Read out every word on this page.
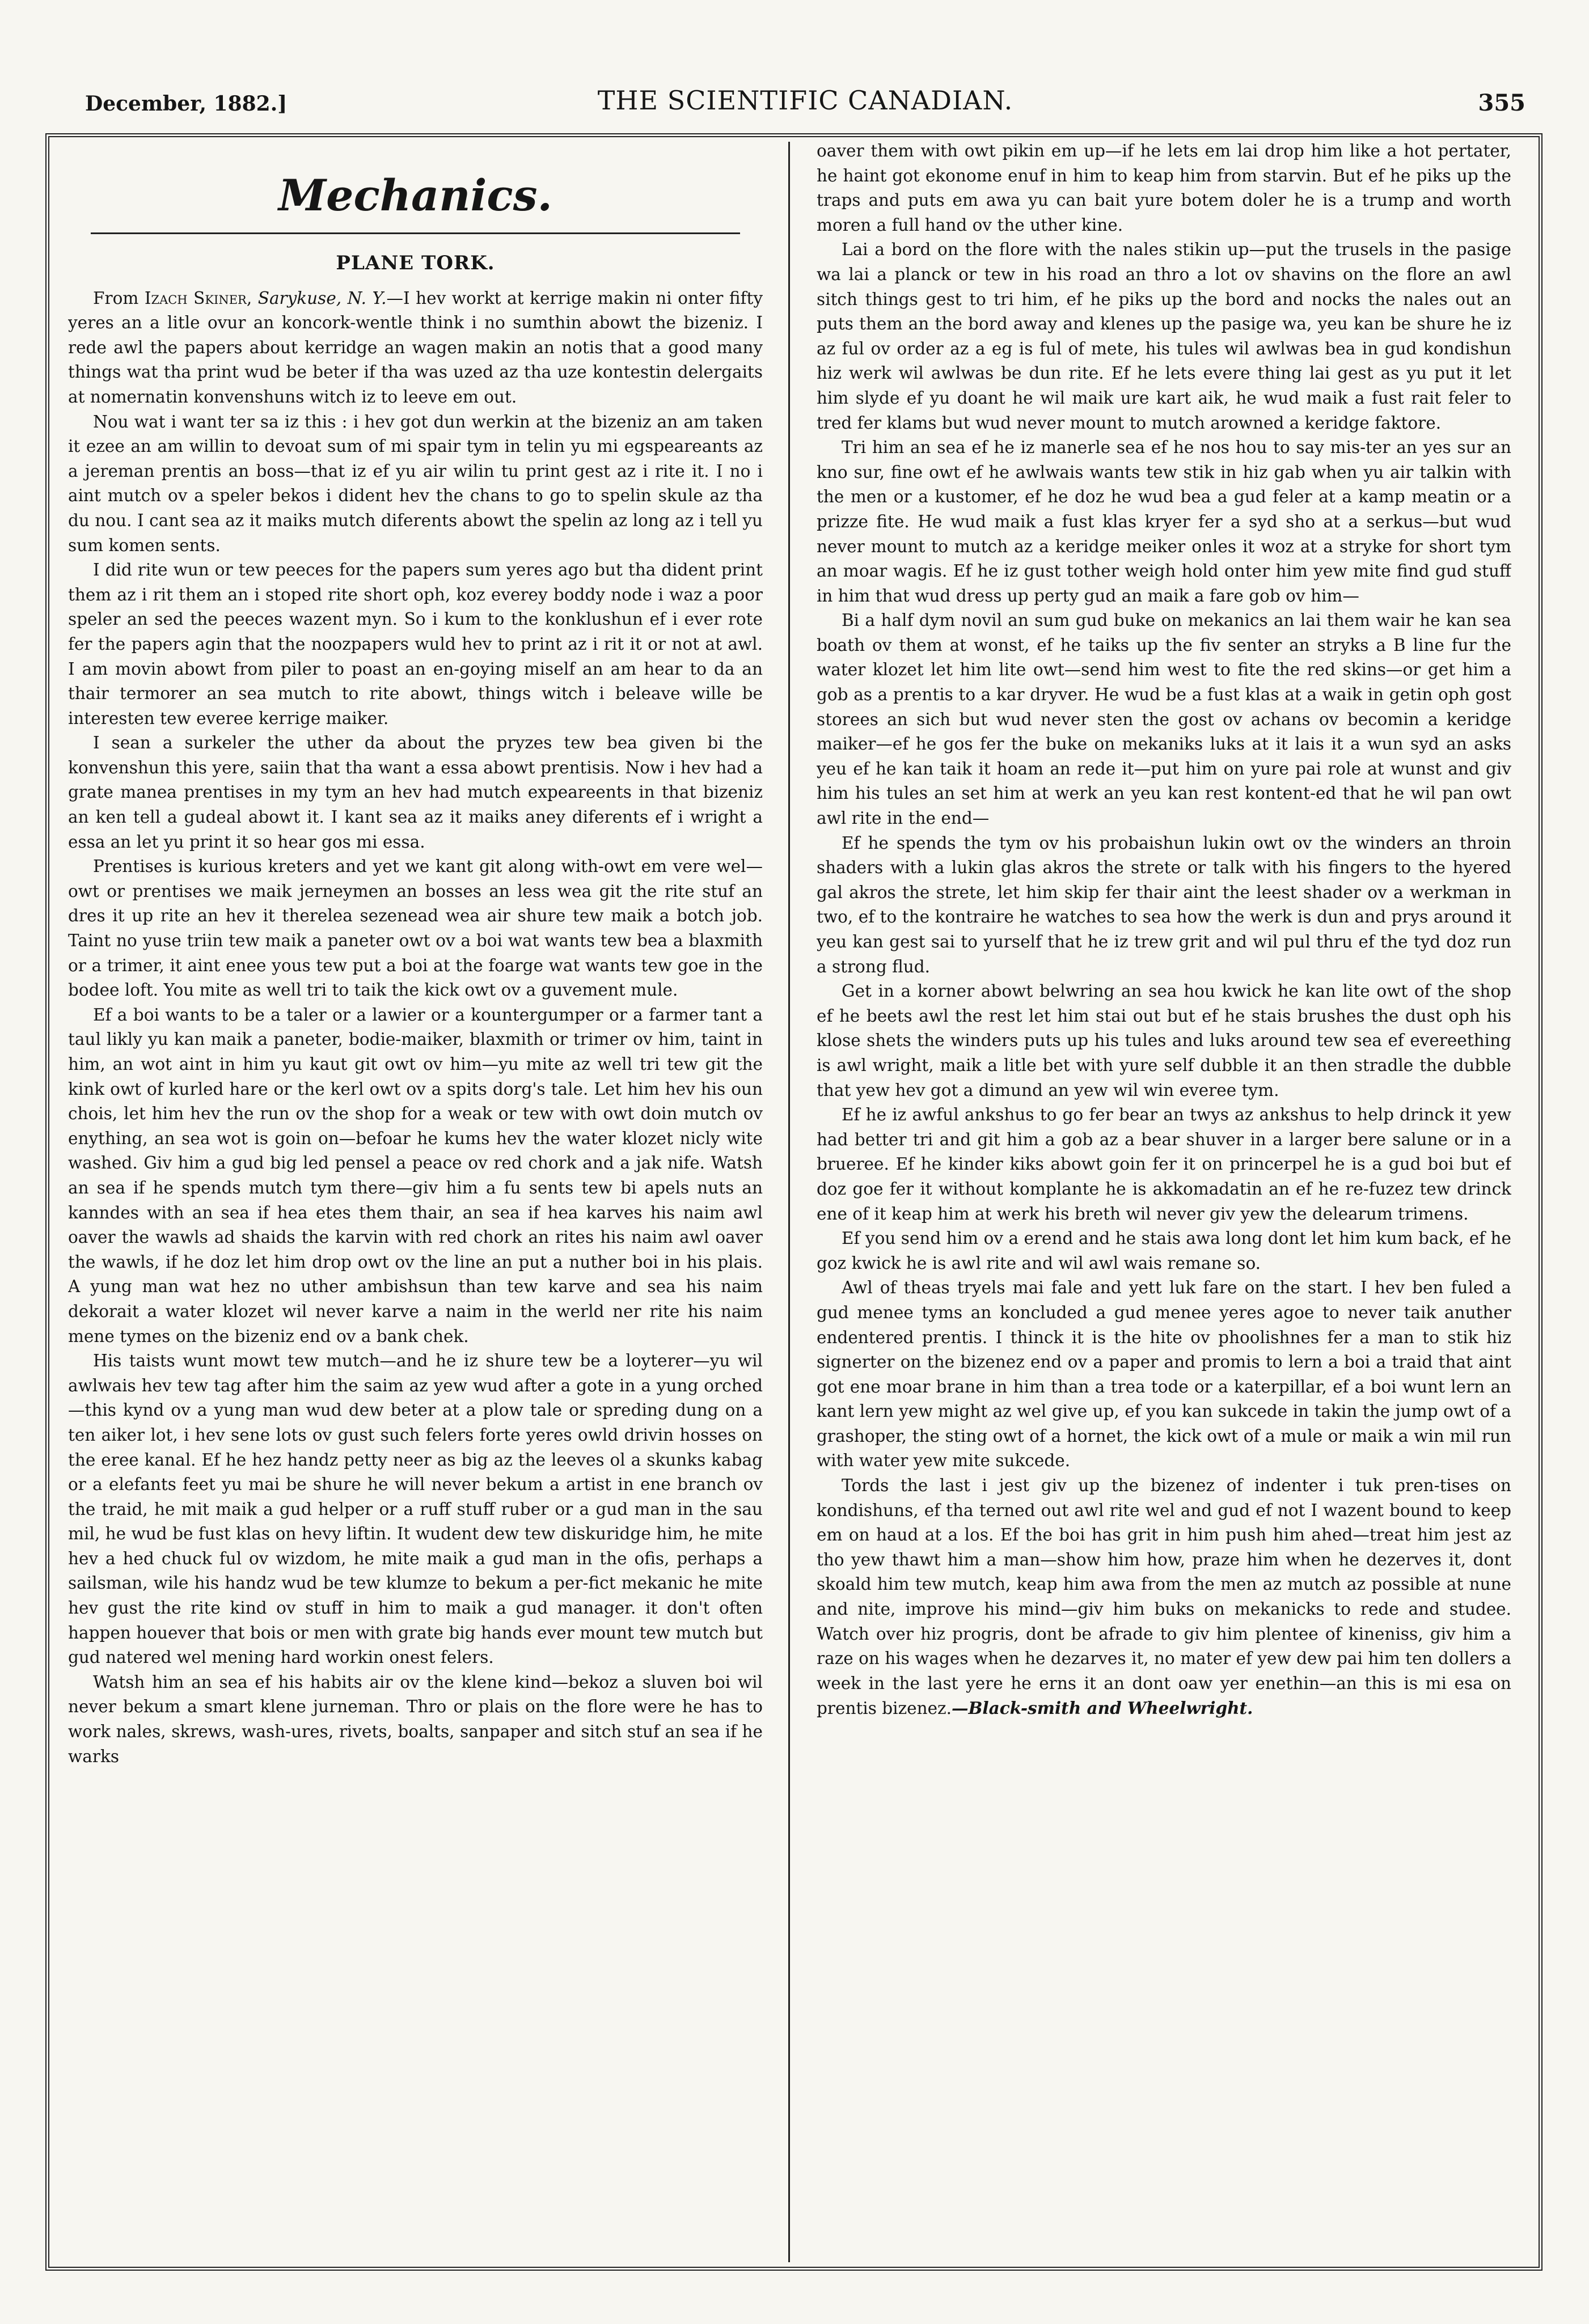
December, 1882.]	THE SCIENTIFIC CANADIAN.	355
Mechanics.
PLANE TORK.

From Izach Skiner, Sarykuse, N. Y.—I hev workt at kerrige makin ni onter fifty yeres an a litle ovur an koncork-wentle think i no sumthin abowt the bizeniz. I rede awl the papers about kerridge an wagen makin an notis that a good many things wat tha print wud be beter if tha was uzed az tha uze kontestin delergaits at nomernatin konvenshuns witch iz to leeve em out.

Nou wat i want ter sa iz this : i hev got dun werkin at the bizeniz an am taken it ezee an am willin to devoat sum of mi spair tym in telin yu mi egspeareants az a jereman prentis an boss—that iz ef yu air wilin tu print gest az i rite it. I no i aint mutch ov a speler bekos i dident hev the chans to go to spelin skule az tha du nou. I cant sea az it maiks mutch diferents abowt the spelin az long az i tell yu sum komen sents.

I did rite wun or tew peeces for the papers sum yeres ago but tha dident print them az i rit them an i stoped rite short oph, koz everey boddy node i waz a poor speler an sed the peeces wazent myn. So i kum to the konklushun ef i ever rote fer the papers agin that the noozpapers wuld hev to print az i rit it or not at awl. I am movin abowt from piler to poast an en-goying miself an am hear to da an thair termorer an sea mutch to rite abowt, things witch i beleave wille be interesten tew everee kerrige maiker.

I sean a surkeler the uther da about the pryzes tew bea given bi the konvenshun this yere, saiin that tha want a essa abowt prentisis. Now i hev had a grate manea prentises in my tym an hev had mutch expeareents in that bizeniz an ken tell a gudeal abowt it. I kant sea az it maiks aney diferents ef i wright a essa an let yu print it so hear gos mi essa.

Prentises is kurious kreters and yet we kant git along with-owt em vere wel—owt or prentises we maik jerneymen an bosses an less wea git the rite stuf an dres it up rite an hev it therelea sezenead wea air shure tew maik a botch job. Taint no yuse triin tew maik a paneter owt ov a boi wat wants tew bea a blaxmith or a trimer, it aint enee yous tew put a boi at the foarge wat wants tew goe in the bodee loft. You mite as well tri to taik the kick owt ov a guvement mule.

Ef a boi wants to be a taler or a lawier or a kountergumper or a farmer tant a taul likly yu kan maik a paneter, bodie-maiker, blaxmith or trimer ov him, taint in him, an wot aint in him yu kaut git owt ov him—yu mite az well tri tew git the kink owt of kurled hare or the kerl owt ov a spits dorg's tale. Let him hev his oun chois, let him hev the run ov the shop for a weak or tew with owt doin mutch ov enything, an sea wot is goin on—befoar he kums hev the water klozet nicly wite washed. Giv him a gud big led pensel a peace ov red chork and a jak nife. Watsh an sea if he spends mutch tym there—giv him a fu sents tew bi apels nuts an kanndes with an sea if hea etes them thair, an sea if hea karves his naim awl oaver the wawls ad shaids the karvin with red chork an rites his naim awl oaver the wawls, if he doz let him drop owt ov the line an put a nuther boi in his plais. A yung man wat hez no uther ambishsun than tew karve and sea his naim dekorait a water klozet wil never karve a naim in the werld ner rite his naim mene tymes on the bizeniz end ov a bank chek.

His taists wunt mowt tew mutch—and he iz shure tew be a loyterer—yu wil awlwais hev tew tag after him the saim az yew wud after a gote in a yung orched—this kynd ov a yung man wud dew beter at a plow tale or spreding dung on a ten aiker lot, i hev sene lots ov gust such felers forte yeres owld drivin hosses on the eree kanal. Ef he hez handz petty neer as big az the leeves ol a skunks kabag or a elefants feet yu mai be shure he will never bekum a artist in ene branch ov the traid, he mit maik a gud helper or a ruff stuff ruber or a gud man in the sau mil, he wud be fust klas on hevy liftin. It wudent dew tew diskuridge him, he mite hev a hed chuck ful ov wizdom, he mite maik a gud man in the ofis, perhaps a sailsman, wile his handz wud be tew klumze to bekum a per-fict mekanic he mite hev gust the rite kind ov stuff in him to maik a gud manager. it don't often happen houever that bois or men with grate big hands ever mount tew mutch but gud natered wel mening hard workin onest felers.

Watsh him an sea ef his habits air ov the klene kind—bekoz a sluven boi wil never bekum a smart klene jurneman. Thro or plais on the flore were he has to work nales, skrews, wash-ures, rivets, boalts, sanpaper and sitch stuf an sea if he warks

oaver them with owt pikin em up—if he lets em lai drop him like a hot pertater, he haint got ekonome enuf in him to keap him from starvin. But ef he piks up the traps and puts em awa yu can bait yure botem doler he is a trump and worth moren a full hand ov the uther kine.

Lai a bord on the flore with the nales stikin up—put the trusels in the pasige wa lai a planck or tew in his road an thro a lot ov shavins on the flore an awl sitch things gest to tri him, ef he piks up the bord and nocks the nales out an puts them an the bord away and klenes up the pasige wa, yeu kan be shure he iz az ful ov order az a eg is ful of mete, his tules wil awlwas bea in gud kondishun hiz werk wil awlwas be dun rite. Ef he lets evere thing lai gest as yu put it let him slyde ef yu doant he wil maik ure kart aik, he wud maik a fust rait feler to tred fer klams but wud never mount to mutch arowned a keridge faktore.

Tri him an sea ef he iz manerle sea ef he nos hou to say mis-ter an yes sur an kno sur, fine owt ef he awlwais wants tew stik in hiz gab when yu air talkin with the men or a kustomer, ef he doz he wud bea a gud feler at a kamp meatin or a prizze fite. He wud maik a fust klas kryer fer a syd sho at a serkus—but wud never mount to mutch az a keridge meiker onles it woz at a stryke for short tym an moar wagis. Ef he iz gust tother weigh hold onter him yew mite find gud stuff in him that wud dress up perty gud an maik a fare gob ov him—

Bi a half dym novil an sum gud buke on mekanics an lai them wair he kan sea boath ov them at wonst, ef he taiks up the fiv senter an stryks a B line fur the water klozet let him lite owt—send him west to fite the red skins—or get him a gob as a prentis to a kar dryver. He wud be a fust klas at a waik in getin oph gost storees an sich but wud never sten the gost ov achans ov becomin a keridge maiker—ef he gos fer the buke on mekaniks luks at it lais it a wun syd an asks yeu ef he kan taik it hoam an rede it—put him on yure pai role at wunst and giv him his tules an set him at werk an yeu kan rest kontent-ed that he wil pan owt awl rite in the end—

Ef he spends the tym ov his probaishun lukin owt ov the winders an throin shaders with a lukin glas akros the strete or talk with his fingers to the hyered gal akros the strete, let him skip fer thair aint the leest shader ov a werkman in two, ef to the kontraire he watches to sea how the werk is dun and prys around it yeu kan gest sai to yurself that he iz trew grit and wil pul thru ef the tyd doz run a strong flud.

Get in a korner abowt belwring an sea hou kwick he kan lite owt of the shop ef he beets awl the rest let him stai out but ef he stais brushes the dust oph his klose shets the winders puts up his tules and luks around tew sea ef evereething is awl wright, maik a litle bet with yure self dubble it an then stradle the dubble that yew hev got a dimund an yew wil win everee tym.

Ef he iz awful ankshus to go fer bear an twys az ankshus to help drinck it yew had better tri and git him a gob az a bear shuver in a larger bere salune or in a brueree. Ef he kinder kiks abowt goin fer it on princerpel he is a gud boi but ef doz goe fer it without komplante he is akkomadatin an ef he re-fuzez tew drinck ene of it keap him at werk his breth wil never giv yew the delearum trimens.

Ef you send him ov a erend and he stais awa long dont let him kum back, ef he goz kwick he is awl rite and wil awl wais remane so.

Awl of theas tryels mai fale and yett luk fare on the start. I hev ben fuled a gud menee tyms an koncluded a gud menee yeres agoe to never taik anuther endentered prentis. I thinck it is the hite ov phoolishnes fer a man to stik hiz signerter on the bizenez end ov a paper and promis to lern a boi a traid that aint got ene moar brane in him than a trea tode or a katerpillar, ef a boi wunt lern an kant lern yew might az wel give up, ef you kan sukcede in takin the jump owt of a grashoper, the sting owt of a hornet, the kick owt of a mule or maik a win mil run with water yew mite sukcede.

Tords the last i jest giv up the bizenez of indenter i tuk pren-tises on kondishuns, ef tha terned out awl rite wel and gud ef not I wazent bound to keep em on haud at a los. Ef the boi has grit in him push him ahed—treat him jest az tho yew thawt him a man—show him how, praze him when he dezerves it, dont skoald him tew mutch, keap him awa from the men az mutch az possible at nune and nite, improve his mind—giv him buks on mekanicks to rede and studee. Watch over hiz progris, dont be afrade to giv him plentee of kineniss, giv him a raze on his wages when he dezarves it, no mater ef yew dew pai him ten dollers a week in the last yere he erns it an dont oaw yer enethin—an this is mi esa on prentis bizenez.—Black-smith and Wheelwright.
